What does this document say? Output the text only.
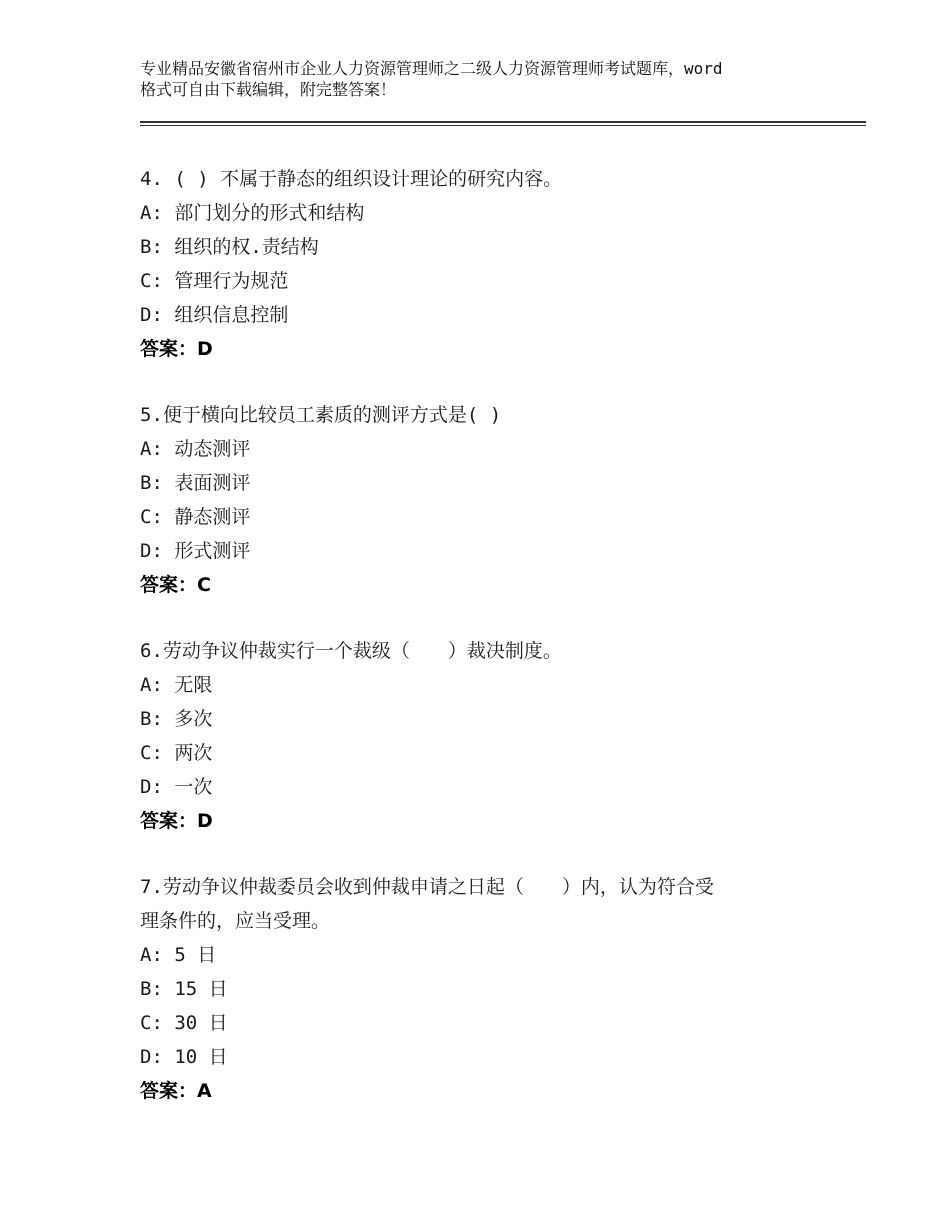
专业精品安徽省宿州市企业人力资源管理师之二级人力资源管理师考试题库，word
格式可自由下载编辑，附完整答案！
4. ( ) 不属于静态的组织设计理论的研究内容。
A: 部门划分的形式和结构
B: 组织的权.责结构
C: 管理行为规范
D: 组织信息控制
答案：D
5.便于横向比较员工素质的测评方式是( )
A: 动态测评
B: 表面测评
C: 静态测评
D: 形式测评
答案：C
6.劳动争议仲裁实行一个裁级（　　）裁决制度。
A: 无限
B: 多次
C: 两次
D: 一次
答案：D
7.劳动争议仲裁委员会收到仲裁申请之日起（　　）内，认为符合受
理条件的，应当受理。
A: 5 日
B: 15 日
C: 30 日
D: 10 日
答案：A
